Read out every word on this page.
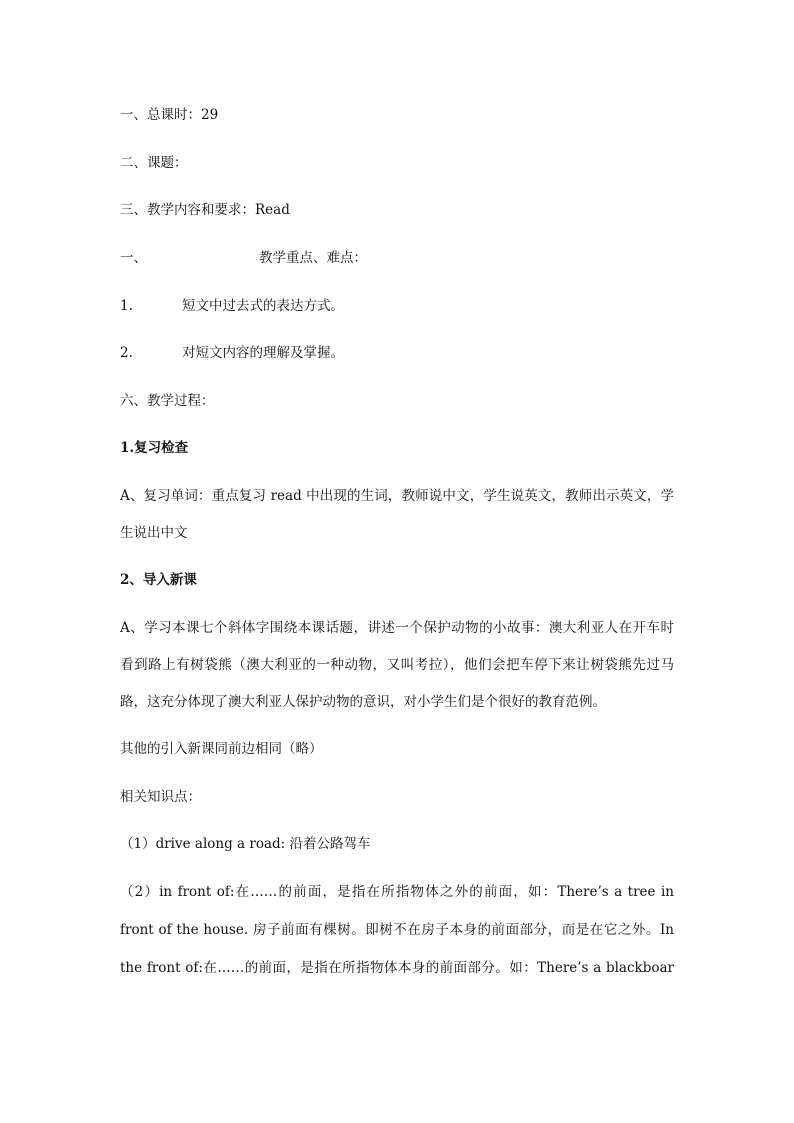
一、总课时：29
二、课题：
三、教学内容和要求：Read
一、	教学重点、难点：
1.	短文中过去式的表达方式。
2.	对短文内容的理解及掌握。
六、教学过程：
1.复习检查
A、复习单词：重点复习 read 中出现的生词，教师说中文，学生说英文，教师出示英文，学
生说出中文
2、导入新课
A、学习本课七个斜体字围绕本课话题，讲述一个保护动物的小故事：澳大利亚人在开车时
看到路上有树袋熊（澳大利亚的一种动物，又叫考拉），他们会把车停下来让树袋熊先过马
路，这充分体现了澳大利亚人保护动物的意识，对小学生们是个很好的教育范例。
其他的引入新课同前边相同（略）
相关知识点：
（1）drive along a road: 沿着公路驾车
（2）in front of:在……的前面，是指在所指物体之外的前面，如：There’s a tree in
front of the house. 房子前面有棵树。即树不在房子本身的前面部分，而是在它之外。In
the front of:在……的前面，是指在所指物体本身的前面部分。如：There’s a blackboar
